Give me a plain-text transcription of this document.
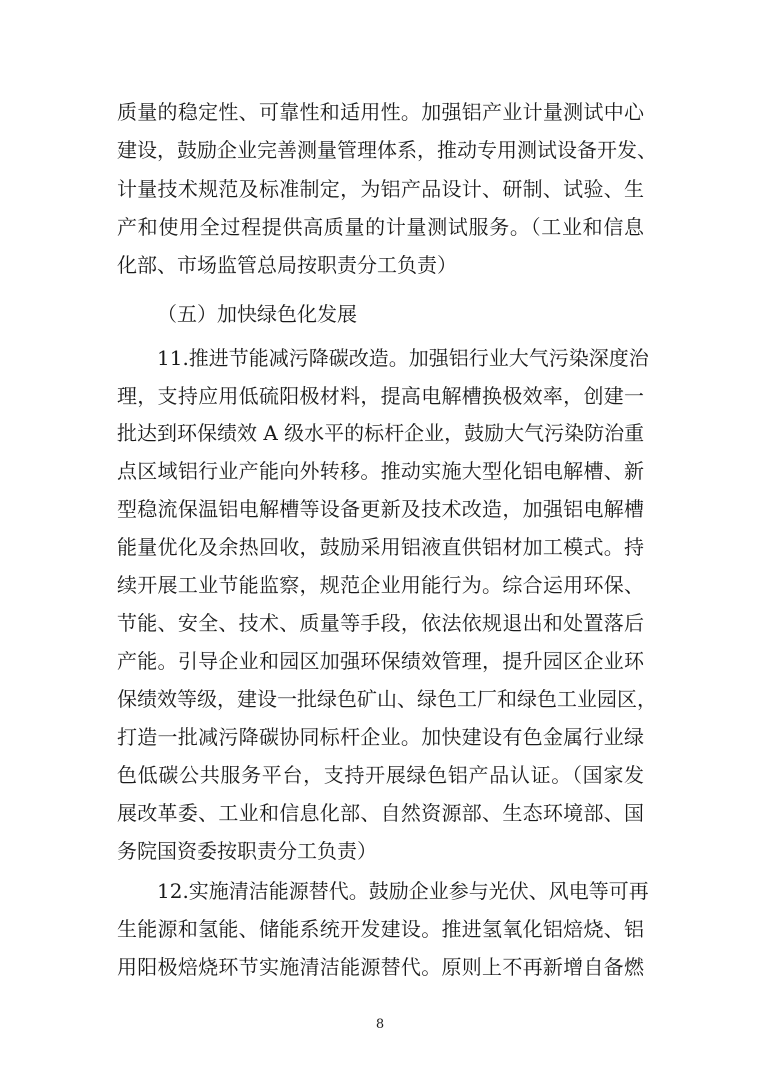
质量的稳定性、可靠性和适用性。加强铝产业计量测试中心
建设，鼓励企业完善测量管理体系，推动专用测试设备开发、
计量技术规范及标准制定，为铝产品设计、研制、试验、生
产和使用全过程提供高质量的计量测试服务。（工业和信息
化部、市场监管总局按职责分工负责）
（五）加快绿色化发展
11.推进节能减污降碳改造。加强铝行业大气污染深度治
理，支持应用低硫阳极材料，提高电解槽换极效率，创建一
批达到环保绩效 A 级水平的标杆企业，鼓励大气污染防治重
点区域铝行业产能向外转移。推动实施大型化铝电解槽、新
型稳流保温铝电解槽等设备更新及技术改造，加强铝电解槽
能量优化及余热回收，鼓励采用铝液直供铝材加工模式。持
续开展工业节能监察，规范企业用能行为。综合运用环保、
节能、安全、技术、质量等手段，依法依规退出和处置落后
产能。引导企业和园区加强环保绩效管理，提升园区企业环
保绩效等级，建设一批绿色矿山、绿色工厂和绿色工业园区，
打造一批减污降碳协同标杆企业。加快建设有色金属行业绿
色低碳公共服务平台，支持开展绿色铝产品认证。（国家发
展改革委、工业和信息化部、自然资源部、生态环境部、国
务院国资委按职责分工负责）
12.实施清洁能源替代。鼓励企业参与光伏、风电等可再
生能源和氢能、储能系统开发建设。推进氢氧化铝焙烧、铝
用阳极焙烧环节实施清洁能源替代。原则上不再新增自备燃
8
